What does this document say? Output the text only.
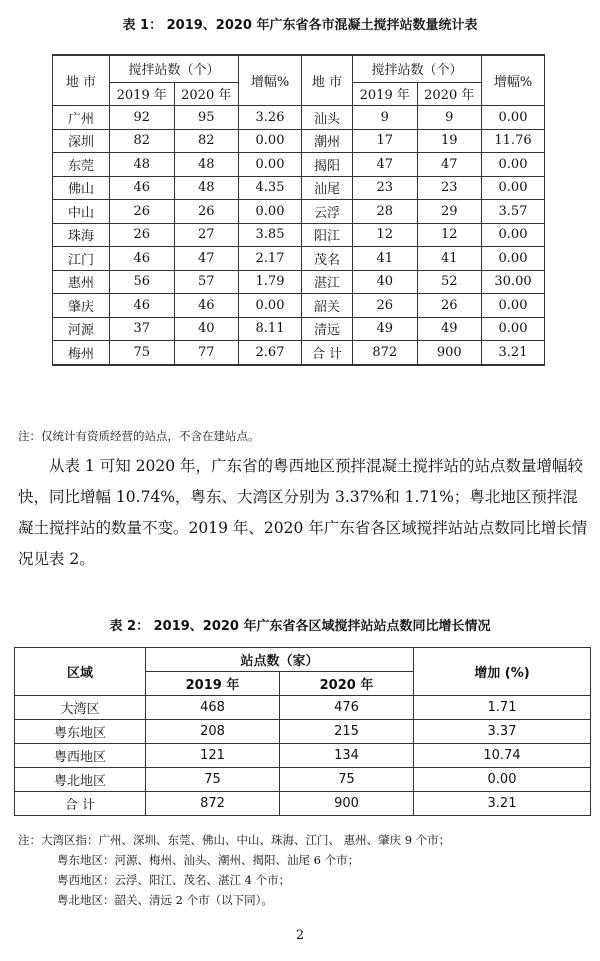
表 1： 2019、2020 年广东省各市混凝土搅拌站数量统计表
地 市	搅拌站数（个）		增幅%	地 市	搅拌站数（个）		增幅%
	2019 年	2020 年			2019 年	2020 年	
广州	92	95	3.26	汕头	9	9	0.00
深圳	82	82	0.00	潮州	17	19	11.76
东莞	48	48	0.00	揭阳	47	47	0.00
佛山	46	48	4.35	汕尾	23	23	0.00
中山	26	26	0.00	云浮	28	29	3.57
珠海	26	27	3.85	阳江	12	12	0.00
江门	46	47	2.17	茂名	41	41	0.00
惠州	56	57	1.79	湛江	40	52	30.00
肇庆	46	46	0.00	韶关	26	26	0.00
河源	37	40	8.11	清远	49	49	0.00
梅州	75	77	2.67	合 计	872	900	3.21
注：仅统计有资质经营的站点，不含在建站点。

从表 1 可知 2020 年，广东省的粤西地区预拌混凝土搅拌站的站点数量增幅较快，同比增幅 10.74%，粤东、大湾区分别为 3.37%和 1.71%；粤北地区预拌混凝土搅拌站的数量不变。2019 年、2020 年广东省各区域搅拌站站点数同比增长情况见表 2。

表 2： 2019、2020 年广东省各区域搅拌站站点数同比增长情况
区域	站点数（家）		增加 (%)
	2019 年	2020 年	
大湾区	468	476	1.71
粤东地区	208	215	3.37
粤西地区	121	134	10.74
粤北地区	75	75	0.00
合 计	872	900	3.21
注：大湾区指：广州、深圳、东莞、佛山、中山、珠海、江门、 惠州、肇庆 9 个市；
粤东地区：河源、梅州、汕头、潮州、揭阳、汕尾 6 个市；
粤西地区：云浮、阳江、茂名、湛江 4 个市；
粤北地区：韶关、清远 2 个市（以下同）。
2
